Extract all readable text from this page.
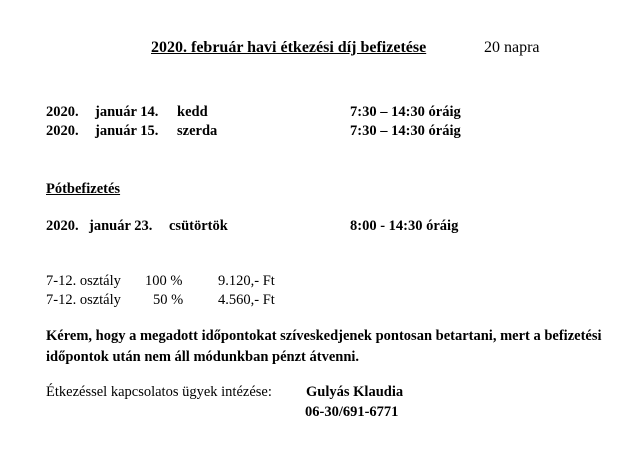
2020. február havi étkezési díj befizetése	20 napra
2020. január 14. kedd	7:30 – 14:30 óráig
2020. január 15. szerda	7:30 – 14:30 óráig
Pótbefizetés
2020. január 23. csütörtök	8:00 - 14:30 óráig
7-12. osztály 100 % 9.120,- Ft
7-12. osztály 50 % 4.560,- Ft
Kérem, hogy a megadott időpontokat szíveskedjenek pontosan betartani, mert a befizetési időpontok után nem áll módunkban pénzt átvenni.
Étkezéssel kapcsolatos ügyek intézése: Gulyás Klaudia
06-30/691-6771
